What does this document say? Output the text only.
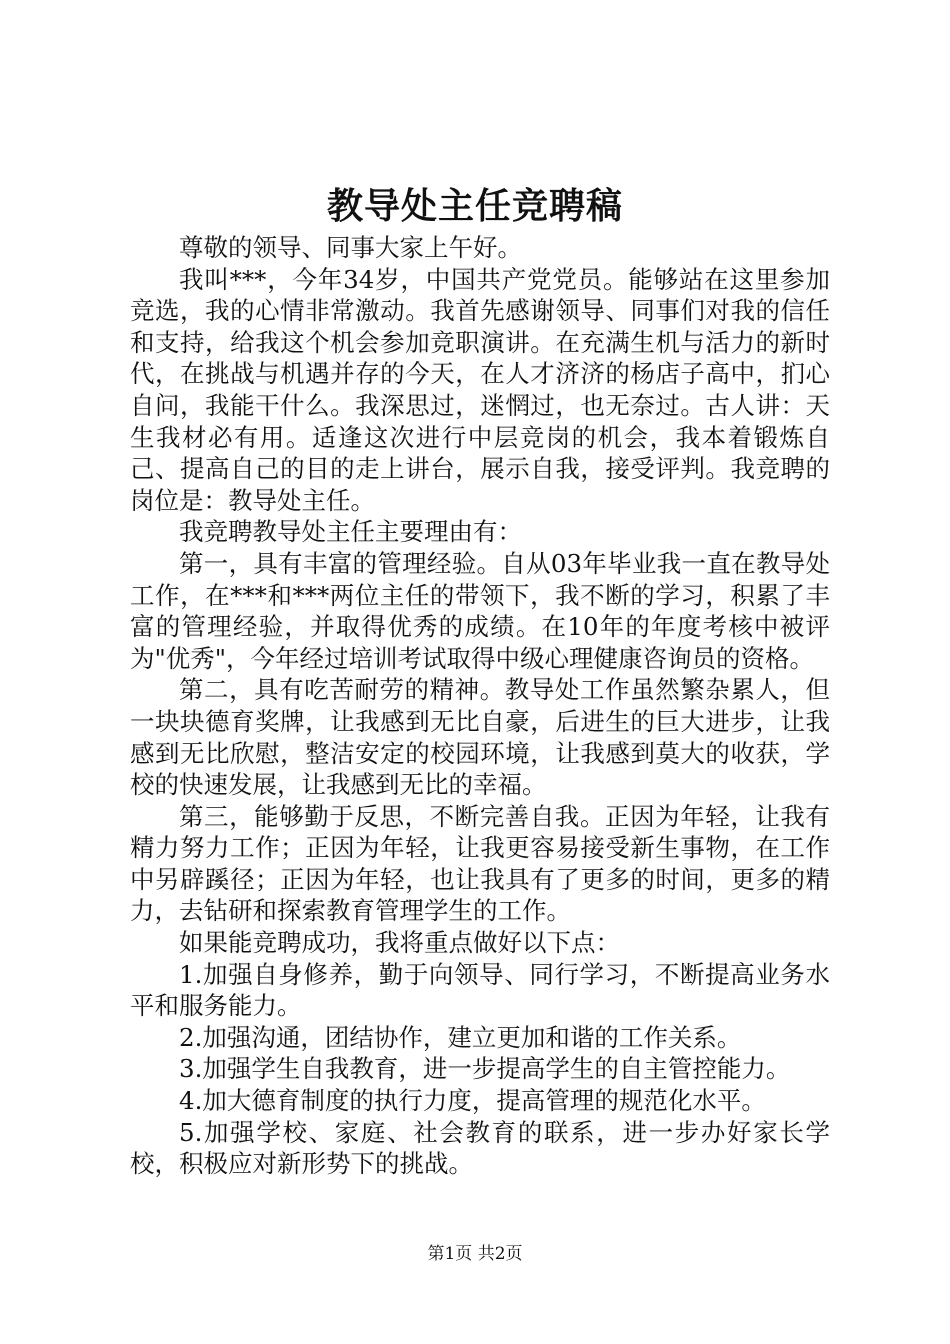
教导处主任竞聘稿

尊敬的领导、同事大家上午好。

我叫***，今年34岁，中国共产党党员。能够站在这里参加竞选，我的心情非常激动。我首先感谢领导、同事们对我的信任和支持，给我这个机会参加竞职演讲。在充满生机与活力的新时代，在挑战与机遇并存的今天，在人才济济的杨店子高中，扪心自问，我能干什么。我深思过，迷惘过，也无奈过。古人讲：天生我材必有用。适逢这次进行中层竞岗的机会，我本着锻炼自己、提高自己的目的走上讲台，展示自我，接受评判。我竞聘的岗位是：教导处主任。

我竞聘教导处主任主要理由有：

第一，具有丰富的管理经验。自从03年毕业我一直在教导处工作，在***和***两位主任的带领下，我不断的学习，积累了丰富的管理经验，并取得优秀的成绩。在10年的年度考核中被评为"优秀"，今年经过培训考试取得中级心理健康咨询员的资格。

第二，具有吃苦耐劳的精神。教导处工作虽然繁杂累人，但一块块德育奖牌，让我感到无比自豪，后进生的巨大进步，让我感到无比欣慰，整洁安定的校园环境，让我感到莫大的收获，学校的快速发展，让我感到无比的幸福。

第三，能够勤于反思，不断完善自我。正因为年轻，让我有精力努力工作；正因为年轻，让我更容易接受新生事物，在工作中另辟蹊径；正因为年轻，也让我具有了更多的时间，更多的精力，去钻研和探索教育管理学生的工作。

如果能竞聘成功，我将重点做好以下点：

1.加强自身修养，勤于向领导、同行学习，不断提高业务水平和服务能力。

2.加强沟通，团结协作，建立更加和谐的工作关系。

3.加强学生自我教育，进一步提高学生的自主管控能力。

4.加大德育制度的执行力度，提高管理的规范化水平。

5.加强学校、家庭、社会教育的联系，进一步办好家长学校，积极应对新形势下的挑战。

第1页 共2页
